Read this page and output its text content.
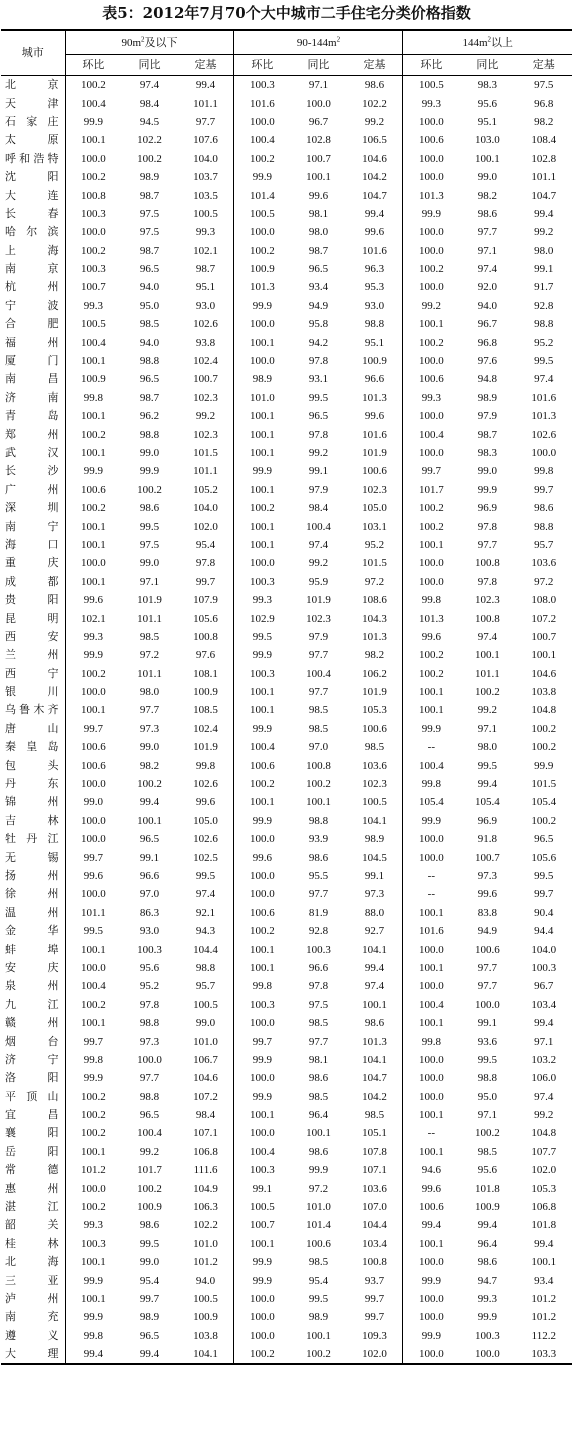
表5：2012年7月70个大中城市二手住宅分类价格指数
城市	$90m^2$及以下			$90-144m^2$			$144m^2$以上		
	环比	同比	定基	环比	同比	定基	环比	同比	定基
北京	100.2	97.4	99.4	100.3	97.1	98.6	100.5	98.3	97.5
天津	100.4	98.4	101.1	101.6	100.0	102.2	99.3	95.6	96.8
石家庄	99.9	94.5	97.7	100.0	96.7	99.2	100.0	95.1	98.2
太原	100.1	102.2	107.6	100.4	102.8	106.5	100.6	103.0	108.4
呼和浩特	100.0	100.2	104.0	100.2	100.7	104.6	100.0	100.1	102.8
沈阳	100.2	98.9	103.7	99.9	100.1	104.2	100.0	99.0	101.1
大连	100.8	98.7	103.5	101.4	99.6	104.7	101.3	98.2	104.7
长春	100.3	97.5	100.5	100.5	98.1	99.4	99.9	98.6	99.4
哈尔滨	100.0	97.5	99.3	100.0	98.0	99.6	100.0	97.7	99.2
上海	100.2	98.7	102.1	100.2	98.7	101.6	100.0	97.1	98.0
南京	100.3	96.5	98.7	100.9	96.5	96.3	100.2	97.4	99.1
杭州	100.7	94.0	95.1	101.3	93.4	95.3	100.0	92.0	91.7
宁波	99.3	95.0	93.0	99.9	94.9	93.0	99.2	94.0	92.8
合肥	100.5	98.5	102.6	100.0	95.8	98.8	100.1	96.7	98.8
福州	100.4	94.0	93.8	100.1	94.2	95.1	100.2	96.8	95.2
厦门	100.1	98.8	102.4	100.0	97.8	100.9	100.0	97.6	99.5
南昌	100.9	96.5	100.7	98.9	93.1	96.6	100.6	94.8	97.4
济南	99.8	98.7	102.3	101.0	99.5	101.3	99.3	98.9	101.6
青岛	100.1	96.2	99.2	100.1	96.5	99.6	100.0	97.9	101.3
郑州	100.2	98.8	102.3	100.1	97.8	101.6	100.4	98.7	102.6
武汉	100.1	99.0	101.5	100.1	99.2	101.9	100.0	98.3	100.0
长沙	99.9	99.9	101.1	99.9	99.1	100.6	99.7	99.0	99.8
广州	100.6	100.2	105.2	100.1	97.9	102.3	101.7	99.9	99.7
深圳	100.2	98.6	104.0	100.2	98.4	105.0	100.2	96.9	98.6
南宁	100.1	99.5	102.0	100.1	100.4	103.1	100.2	97.8	98.8
海口	100.1	97.5	95.4	100.1	97.4	95.2	100.1	97.7	95.7
重庆	100.0	99.0	97.8	100.0	99.2	101.5	100.0	100.8	103.6
成都	100.1	97.1	99.7	100.3	95.9	97.2	100.0	97.8	97.2
贵阳	99.6	101.9	107.9	99.3	101.9	108.6	99.8	102.3	108.0
昆明	102.1	101.1	105.6	102.9	102.3	104.3	101.3	100.8	107.2
西安	99.3	98.5	100.8	99.5	97.9	101.3	99.6	97.4	100.7
兰州	99.9	97.2	97.6	99.9	97.7	98.2	100.2	100.1	100.1
西宁	100.2	101.1	108.1	100.3	100.4	106.2	100.2	101.1	104.6
银川	100.0	98.0	100.9	100.1	97.7	101.9	100.1	100.2	103.8
乌鲁木齐	100.1	97.7	108.5	100.1	98.5	105.3	100.1	99.2	104.8
唐山	99.7	97.3	102.4	99.9	98.5	100.6	99.9	97.1	100.2
秦皇岛	100.6	99.0	101.9	100.4	97.0	98.5	--	98.0	100.2
包头	100.6	98.2	99.8	100.6	100.8	103.6	100.4	99.5	99.9
丹东	100.0	100.2	102.6	100.2	100.2	102.3	99.8	99.4	101.5
锦州	99.0	99.4	99.6	100.1	100.1	100.5	105.4	105.4	105.4
吉林	100.0	100.1	105.0	99.9	98.8	104.1	99.9	96.9	100.2
牡丹江	100.0	96.5	102.6	100.0	93.9	98.9	100.0	91.8	96.5
无锡	99.7	99.1	102.5	99.6	98.6	104.5	100.0	100.7	105.6
扬州	99.6	96.6	99.5	100.0	95.5	99.1	--	97.3	99.5
徐州	100.0	97.0	97.4	100.0	97.7	97.3	--	99.6	99.7
温州	101.1	86.3	92.1	100.6	81.9	88.0	100.1	83.8	90.4
金华	99.5	93.0	94.3	100.2	92.8	92.7	101.6	94.9	94.4
蚌埠	100.1	100.3	104.4	100.1	100.3	104.1	100.0	100.6	104.0
安庆	100.0	95.6	98.8	100.1	96.6	99.4	100.1	97.7	100.3
泉州	100.4	95.2	95.7	99.8	97.8	97.4	100.0	97.7	96.7
九江	100.2	97.8	100.5	100.3	97.5	100.1	100.4	100.0	103.4
赣州	100.1	98.8	99.0	100.0	98.5	98.6	100.1	99.1	99.4
烟台	99.7	97.3	101.0	99.7	97.7	101.3	99.8	93.6	97.1
济宁	99.8	100.0	106.7	99.9	98.1	104.1	100.0	99.5	103.2
洛阳	99.9	97.7	104.6	100.0	98.6	104.7	100.0	98.8	106.0
平顶山	100.2	98.8	107.2	99.9	98.5	104.2	100.0	95.0	97.4
宜昌	100.2	96.5	98.4	100.1	96.4	98.5	100.1	97.1	99.2
襄阳	100.2	100.4	107.1	100.0	100.1	105.1	--	100.2	104.8
岳阳	100.1	99.2	106.8	100.4	98.6	107.8	100.1	98.5	107.7
常德	101.2	101.7	111.6	100.3	99.9	107.1	94.6	95.6	102.0
惠州	100.0	100.2	104.9	99.1	97.2	103.6	99.6	101.8	105.3
湛江	100.2	100.9	106.3	100.5	101.0	107.0	100.6	100.9	106.8
韶关	99.3	98.6	102.2	100.7	101.4	104.4	99.4	99.4	101.8
桂林	100.3	99.5	101.0	100.1	100.6	103.4	100.1	96.4	99.4
北海	100.1	99.0	101.2	99.9	98.5	100.8	100.0	98.6	100.1
三亚	99.9	95.4	94.0	99.9	95.4	93.7	99.9	94.7	93.4
泸州	100.1	99.7	100.5	100.0	99.5	99.7	100.0	99.3	101.2
南充	99.9	98.9	100.9	100.0	98.9	99.7	100.0	99.9	101.2
遵义	99.8	96.5	103.8	100.0	100.1	109.3	99.9	100.3	112.2
大理	99.4	99.4	104.1	100.2	100.2	102.0	100.0	100.0	103.3
